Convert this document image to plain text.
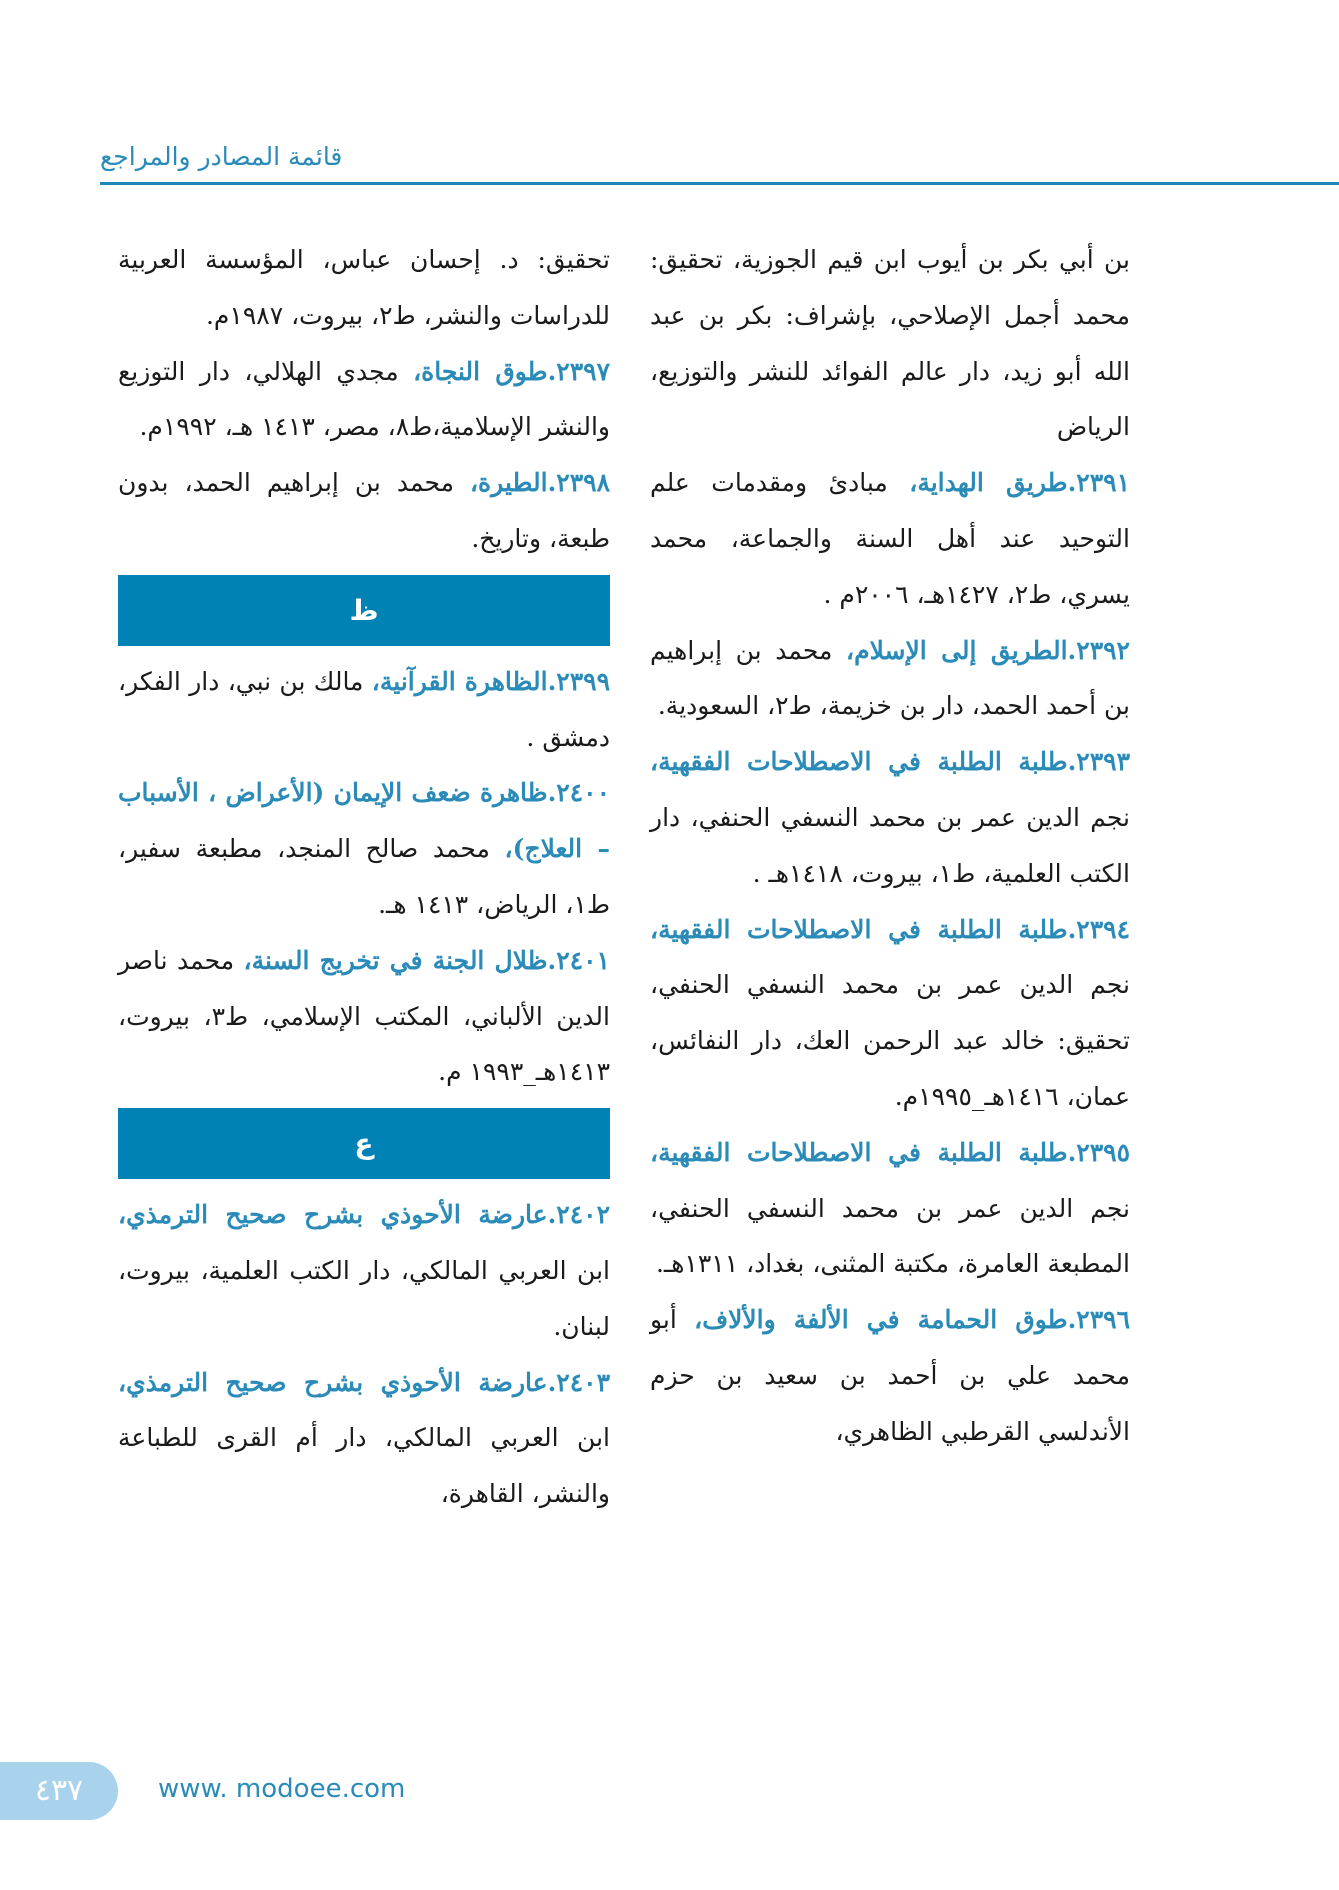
قائمة المصادر والمراجع
بن أبي بكر بن أيوب ابن قيم الجوزية، تحقيق: محمد أجمل الإصلاحي، بإشراف: بكر بن عبد الله أبو زيد، دار عالم الفوائد للنشر والتوزيع، الرياض
٢٣٩١.طريق الهداية، مبادئ ومقدمات علم التوحيد عند أهل السنة والجماعة، محمد يسري، ط٢، ١٤٢٧هـ، ٢٠٠٦م .
٢٣٩٢.الطريق إلى الإسلام، محمد بن إبراهيم بن أحمد الحمد، دار بن خزيمة، ط٢، السعودية.
٢٣٩٣.طلبة الطلبة في الاصطلاحات الفقهية، نجم الدين عمر بن محمد النسفي الحنفي، دار الكتب العلمية، ط١، بيروت، ١٤١٨هـ .
٢٣٩٤.طلبة الطلبة في الاصطلاحات الفقهية، نجم الدين عمر بن محمد النسفي الحنفي، تحقيق: خالد عبد الرحمن العك، دار النفائس، عمان، ١٤١٦هـ_١٩٩٥م.
٢٣٩٥.طلبة الطلبة في الاصطلاحات الفقهية، نجم الدين عمر بن محمد النسفي الحنفي، المطبعة العامرة، مكتبة المثنى، بغداد، ١٣١١هـ.
٢٣٩٦.طوق الحمامة في الألفة والألاف، أبو محمد علي بن أحمد بن سعيد بن حزم الأندلسي القرطبي الظاهري،
تحقيق: د. إحسان عباس، المؤسسة العربية للدراسات والنشر، ط٢، بيروت، ١٩٨٧م.
٢٣٩٧.طوق النجاة، مجدي الهلالي، دار التوزيع والنشر الإسلامية،ط٨، مصر، ١٤١٣ هـ، ١٩٩٢م.
٢٣٩٨.الطيرة، محمد بن إبراهيم الحمد، بدون طبعة، وتاريخ.
ظ
٢٣٩٩.الظاهرة القرآنية، مالك بن نبي، دار الفكر، دمشق .
٢٤٠٠.ظاهرة ضعف الإيمان (الأعراض ، الأسباب – العلاج)، محمد صالح المنجد، مطبعة سفير، ط١، الرياض، ١٤١٣ هـ.
٢٤٠١.ظلال الجنة في تخريج السنة، محمد ناصر الدين الألباني، المكتب الإسلامي، ط٣، بيروت، ١٤١٣هـ_١٩٩٣ م.
ع
٢٤٠٢.عارضة الأحوذي بشرح صحيح الترمذي، ابن العربي المالكي، دار الكتب العلمية، بيروت، لبنان.
٢٤٠٣.عارضة الأحوذي بشرح صحيح الترمذي، ابن العربي المالكي، دار أم القرى للطباعة والنشر، القاهرة،
٤٣٧	www. modoee.com
